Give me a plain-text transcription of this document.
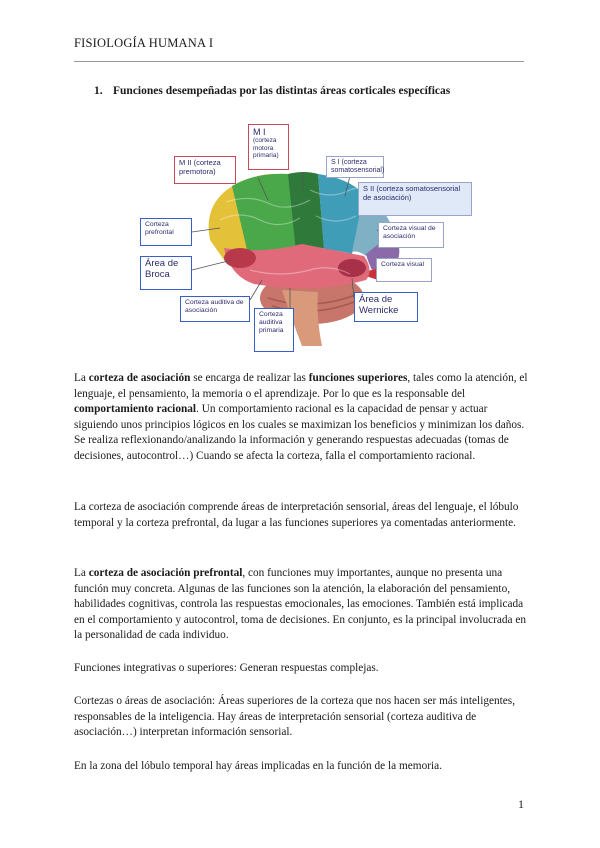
FISIOLOGÍA HUMANA I
1. Funciones desempeñadas por las distintas áreas corticales específicas
M I
(corteza motora primaria)
M II (corteza premotora)
S I (corteza somatosensorial)
S II (corteza somatosensorial de asociación)
Corteza prefrontal
Área de Broca
Corteza visual de asociación
Corteza visual
Corteza auditiva de asociación
Corteza auditiva primaria
Área de Wernicke

La corteza de asociación se encarga de realizar las funciones superiores, tales como la atención, el lenguaje, el pensamiento, la memoria o el aprendizaje. Por lo que es la responsable del comportamiento racional. Un comportamiento racional es la capacidad de pensar y actuar siguiendo unos principios lógicos en los cuales se maximizan los beneficios y minimizan los daños. Se realiza reflexionando/analizando la información y generando respuestas adecuadas (tomas de decisiones, autocontrol…) Cuando se afecta la corteza, falla el comportamiento racional.

La corteza de asociación comprende áreas de interpretación sensorial, áreas del lenguaje, el lóbulo temporal y la corteza prefrontal, da lugar a las funciones superiores ya comentadas anteriormente.

La corteza de asociación prefrontal, con funciones muy importantes, aunque no presenta una función muy concreta. Algunas de las funciones son la atención, la elaboración del pensamiento, habilidades cognitivas, controla las respuestas emocionales, las emociones. También está implicada en el comportamiento y autocontrol, toma de decisiones. En conjunto, es la principal involucrada en la personalidad de cada individuo.

Funciones integrativas o superiores: Generan respuestas complejas.

Cortezas o áreas de asociación: Áreas superiores de la corteza que nos hacen ser más inteligentes, responsables de la inteligencia. Hay áreas de interpretación sensorial (corteza auditiva de asociación…) interpretan información sensorial.

En la zona del lóbulo temporal hay áreas implicadas en la función de la memoria.

1
